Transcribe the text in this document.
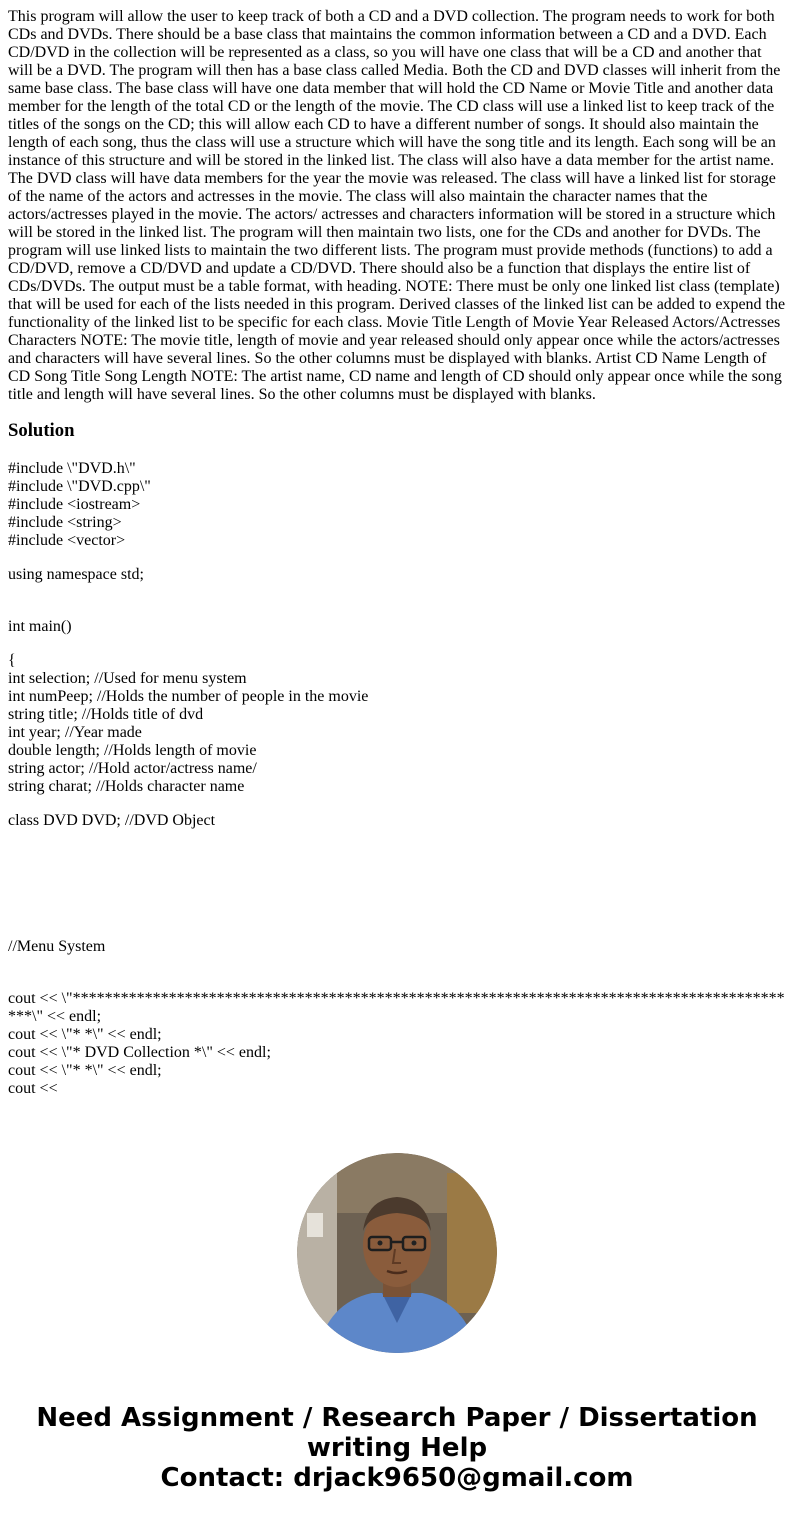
This program will allow the user to keep track of both a CD and a DVD collection. The program needs to work for both CDs and DVDs. There should be a base class that maintains the common information between a CD and a DVD. Each CD/DVD in the collection will be represented as a class, so you will have one class that will be a CD and another that will be a DVD. The program will then has a base class called Media. Both the CD and DVD classes will inherit from the same base class. The base class will have one data member that will hold the CD Name or Movie Title and another data member for the length of the total CD or the length of the movie. The CD class will use a linked list to keep track of the titles of the songs on the CD; this will allow each CD to have a different number of songs. It should also maintain the length of each song, thus the class will use a structure which will have the song title and its length. Each song will be an instance of this structure and will be stored in the linked list. The class will also have a data member for the artist name. The DVD class will have data members for the year the movie was released. The class will have a linked list for storage of the name of the actors and actresses in the movie. The class will also maintain the character names that the actors/actresses played in the movie. The actors/ actresses and characters information will be stored in a structure which will be stored in the linked list. The program will then maintain two lists, one for the CDs and another for DVDs. The program will use linked lists to maintain the two different lists. The program must provide methods (functions) to add a CD/DVD, remove a CD/DVD and update a CD/DVD. There should also be a function that displays the entire list of CDs/DVDs. The output must be a table format, with heading. NOTE: There must be only one linked list class (template) that will be used for each of the lists needed in this program. Derived classes of the linked list can be added to expend the functionality of the linked list to be specific for each class. Movie Title Length of Movie Year Released Actors/Actresses Characters NOTE: The movie title, length of movie and year released should only appear once while the actors/actresses and characters will have several lines. So the other columns must be displayed with blanks. Artist CD Name Length of CD Song Title Song Length NOTE: The artist name, CD name and length of CD should only appear once while the song title and length will have several lines. So the other columns must be displayed with blanks.

Solution
#include \"DVD.h\"
#include \"DVD.cpp\"
#include <iostream>
#include <string>
#include <vector>
using namespace std;
int main()
{
int selection; //Used for menu system
int numPeep; //Holds the number of people in the movie
string title; //Holds title of dvd
int year; //Year made
double length; //Holds length of movie
string actor; //Hold actor/actress name/
string charat; //Holds character name
class DVD DVD; //DVD Object
//Menu System
cout << \"********************************************************************************************\" << endl;
cout << \"* *\" << endl;
cout << \"* DVD Collection *\" << endl;
cout << \"* *\" << endl;
cout <<
Need Assignment / Research Paper / Dissertation
writing Help
Contact: drjack9650@gmail.com
